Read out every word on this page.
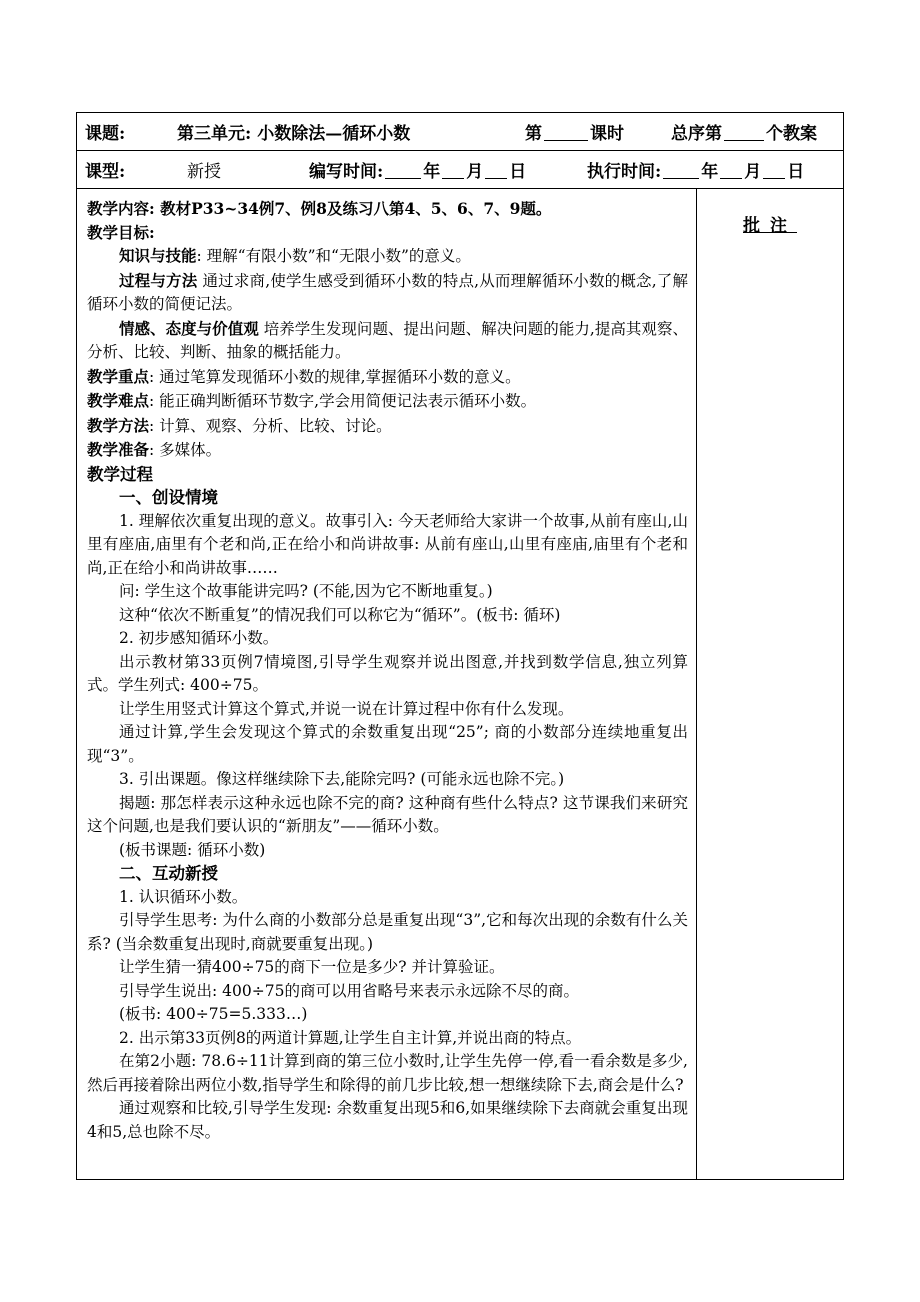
课题:	第三单元: 小数除法—循环小数	第	课时	总序第	个教案
课型:	新授	编写时间: 年 月 日	执行时间: 年 月 日

教学内容: 教材P33~34例7、例8及练习八第4、5、6、7、9题。

教学目标:

知识与技能: 理解“有限小数”和“无限小数”的意义。

过程与方法 通过求商,使学生感受到循环小数的特点,从而理解循环小数的概念,了解循环小数的简便记法。

情感、态度与价值观 培养学生发现问题、提出问题、解决问题的能力,提高其观察、分析、比较、判断、抽象的概括能力。

教学重点: 通过笔算发现循环小数的规律,掌握循环小数的意义。

教学难点: 能正确判断循环节数字,学会用简便记法表示循环小数。

教学方法: 计算、观察、分析、比较、讨论。

教学准备: 多媒体。

教学过程

一、创设情境

1. 理解依次重复出现的意义。故事引入: 今天老师给大家讲一个故事,从前有座山,山里有座庙,庙里有个老和尚,正在给小和尚讲故事: 从前有座山,山里有座庙,庙里有个老和尚,正在给小和尚讲故事……

问: 学生这个故事能讲完吗? (不能,因为它不断地重复。)

这种“依次不断重复”的情况我们可以称它为“循环”。(板书: 循环)

2. 初步感知循环小数。

出示教材第33页例7情境图,引导学生观察并说出图意,并找到数学信息,独立列算式。学生列式: 400÷75。

让学生用竖式计算这个算式,并说一说在计算过程中你有什么发现。

通过计算,学生会发现这个算式的余数重复出现“25”; 商的小数部分连续地重复出现“3”。

3. 引出课题。像这样继续除下去,能除完吗? (可能永远也除不完。)

揭题: 那怎样表示这种永远也除不完的商? 这种商有些什么特点? 这节课我们来研究这个问题,也是我们要认识的“新朋友”——循环小数。

(板书课题: 循环小数)

二、互动新授

1. 认识循环小数。

引导学生思考: 为什么商的小数部分总是重复出现“3”,它和每次出现的余数有什么关系? (当余数重复出现时,商就要重复出现。)

让学生猜一猜400÷75的商下一位是多少? 并计算验证。

引导学生说出: 400÷75的商可以用省略号来表示永远除不尽的商。

(板书: 400÷75=5.333…)

2. 出示第33页例8的两道计算题,让学生自主计算,并说出商的特点。

在第2小题: 78.6÷11计算到商的第三位小数时,让学生先停一停,看一看余数是多少,然后再接着除出两位小数,指导学生和除得的前几步比较,想一想继续除下去,商会是什么?

通过观察和比较,引导学生发现: 余数重复出现5和6,如果继续除下去商就会重复出现4和5,总也除不尽。

批注
